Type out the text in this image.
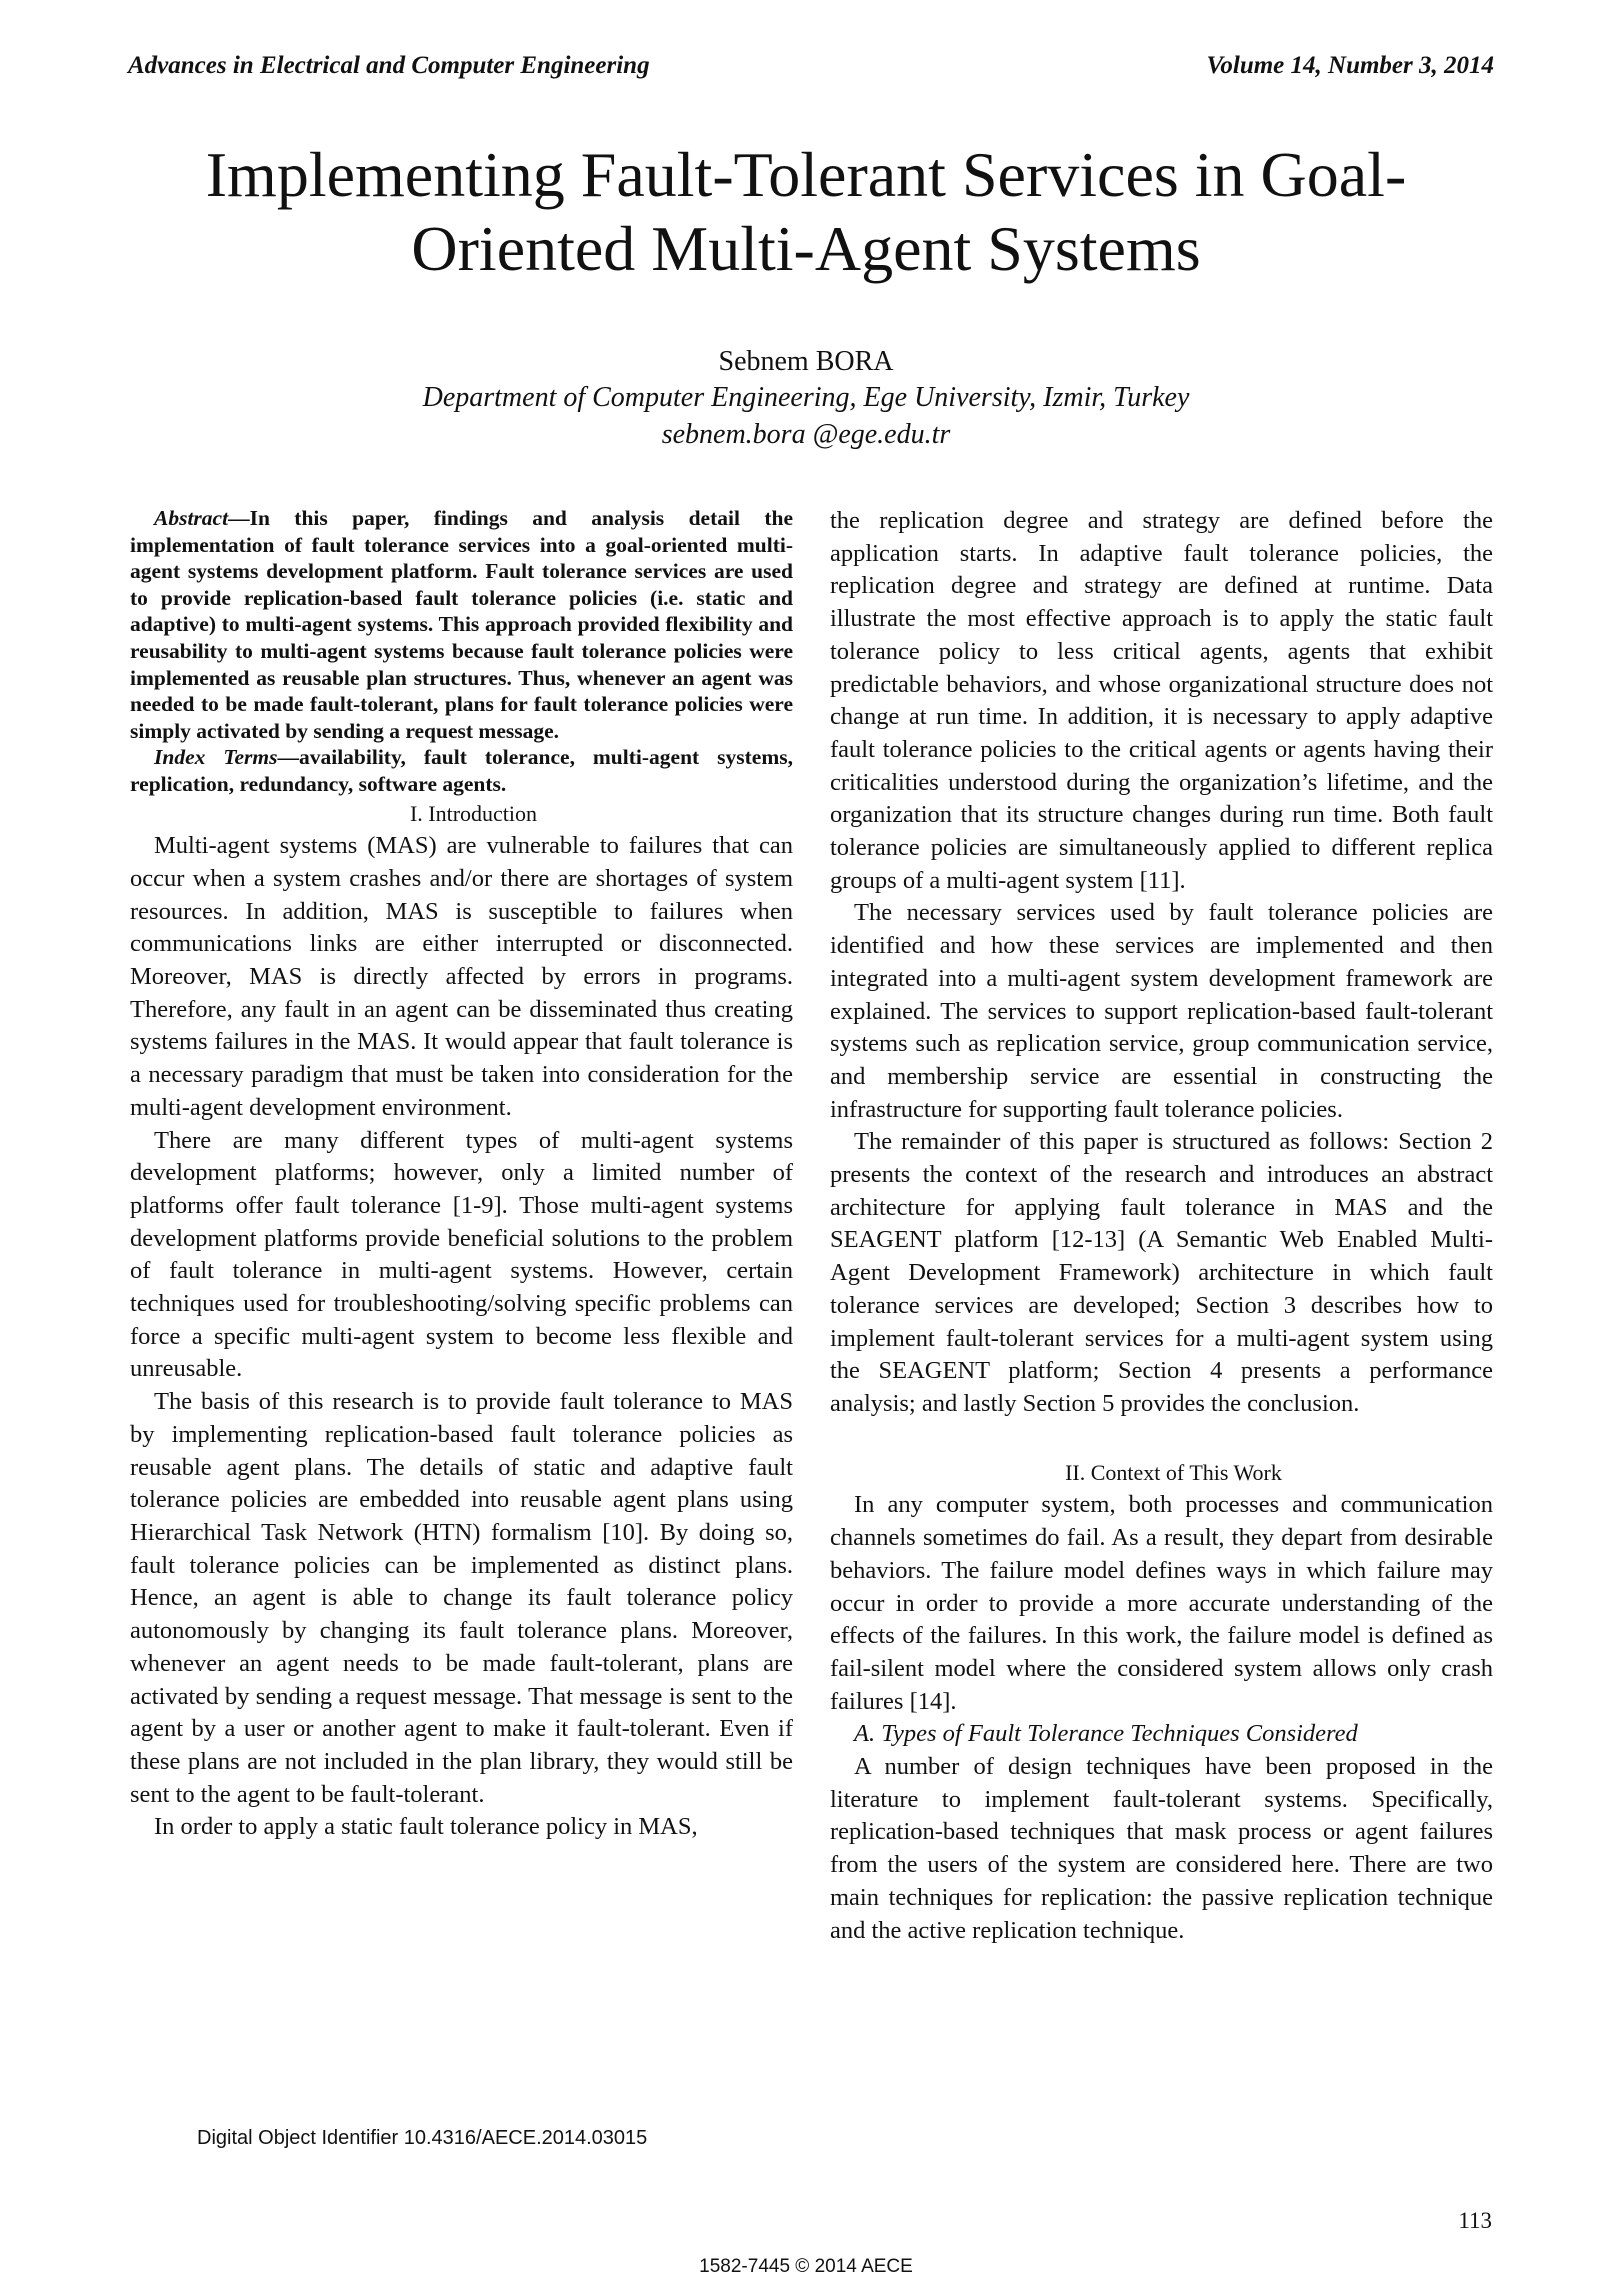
Advances in Electrical and Computer Engineering	Volume 14, Number 3, 2014
Implementing Fault-Tolerant Services in Goal-Oriented Multi-Agent Systems
Sebnem BORA
Department of Computer Engineering, Ege University, Izmir, Turkey
sebnem.bora @ege.edu.tr

Abstract—In this paper, findings and analysis detail the implementation of fault tolerance services into a goal-oriented multi-agent systems development platform. Fault tolerance services are used to provide replication-based fault tolerance policies (i.e. static and adaptive) to multi-agent systems. This approach provided flexibility and reusability to multi-agent systems because fault tolerance policies were implemented as reusable plan structures. Thus, whenever an agent was needed to be made fault-tolerant, plans for fault tolerance policies were simply activated by sending a request message.

Index Terms—availability, fault tolerance, multi-agent systems, replication, redundancy, software agents.

I. Introduction

Multi-agent systems (MAS) are vulnerable to failures that can occur when a system crashes and/or there are shortages of system resources. In addition, MAS is susceptible to failures when communications links are either interrupted or disconnected. Moreover, MAS is directly affected by errors in programs. Therefore, any fault in an agent can be disseminated thus creating systems failures in the MAS. It would appear that fault tolerance is a necessary paradigm that must be taken into consideration for the multi-agent development environment.

There are many different types of multi-agent systems development platforms; however, only a limited number of platforms offer fault tolerance [1-9]. Those multi-agent systems development platforms provide beneficial solutions to the problem of fault tolerance in multi-agent systems. However, certain techniques used for troubleshooting/solving specific problems can force a specific multi-agent system to become less flexible and unreusable.

The basis of this research is to provide fault tolerance to MAS by implementing replication-based fault tolerance policies as reusable agent plans. The details of static and adaptive fault tolerance policies are embedded into reusable agent plans using Hierarchical Task Network (HTN) formalism [10]. By doing so, fault tolerance policies can be implemented as distinct plans. Hence, an agent is able to change its fault tolerance policy autonomously by changing its fault tolerance plans. Moreover, whenever an agent needs to be made fault-tolerant, plans are activated by sending a request message. That message is sent to the agent by a user or another agent to make it fault-tolerant. Even if these plans are not included in the plan library, they would still be sent to the agent to be fault-tolerant.

In order to apply a static fault tolerance policy in MAS,

the replication degree and strategy are defined before the application starts. In adaptive fault tolerance policies, the replication degree and strategy are defined at runtime. Data illustrate the most effective approach is to apply the static fault tolerance policy to less critical agents, agents that exhibit predictable behaviors, and whose organizational structure does not change at run time. In addition, it is necessary to apply adaptive fault tolerance policies to the critical agents or agents having their criticalities understood during the organization’s lifetime, and the organization that its structure changes during run time. Both fault tolerance policies are simultaneously applied to different replica groups of a multi-agent system [11].

The necessary services used by fault tolerance policies are identified and how these services are implemented and then integrated into a multi-agent system development framework are explained. The services to support replication-based fault-tolerant systems such as replication service, group communication service, and membership service are essential in constructing the infrastructure for supporting fault tolerance policies.

The remainder of this paper is structured as follows: Section 2 presents the context of the research and introduces an abstract architecture for applying fault tolerance in MAS and the SEAGENT platform [12-13] (A Semantic Web Enabled Multi-Agent Development Framework) architecture in which fault tolerance services are developed; Section 3 describes how to implement fault-tolerant services for a multi-agent system using the SEAGENT platform; Section 4 presents a performance analysis; and lastly Section 5 provides the conclusion.

II. Context of This Work

In any computer system, both processes and communication channels sometimes do fail. As a result, they depart from desirable behaviors. The failure model defines ways in which failure may occur in order to provide a more accurate understanding of the effects of the failures. In this work, the failure model is defined as fail-silent model where the considered system allows only crash failures [14].

A. Types of Fault Tolerance Techniques Considered

A number of design techniques have been proposed in the literature to implement fault-tolerant systems. Specifically, replication-based techniques that mask process or agent failures from the users of the system are considered here. There are two main techniques for replication: the passive replication technique and the active replication technique.

Digital Object Identifier 10.4316/AECE.2014.03015
113
1582-7445 © 2014 AECE
